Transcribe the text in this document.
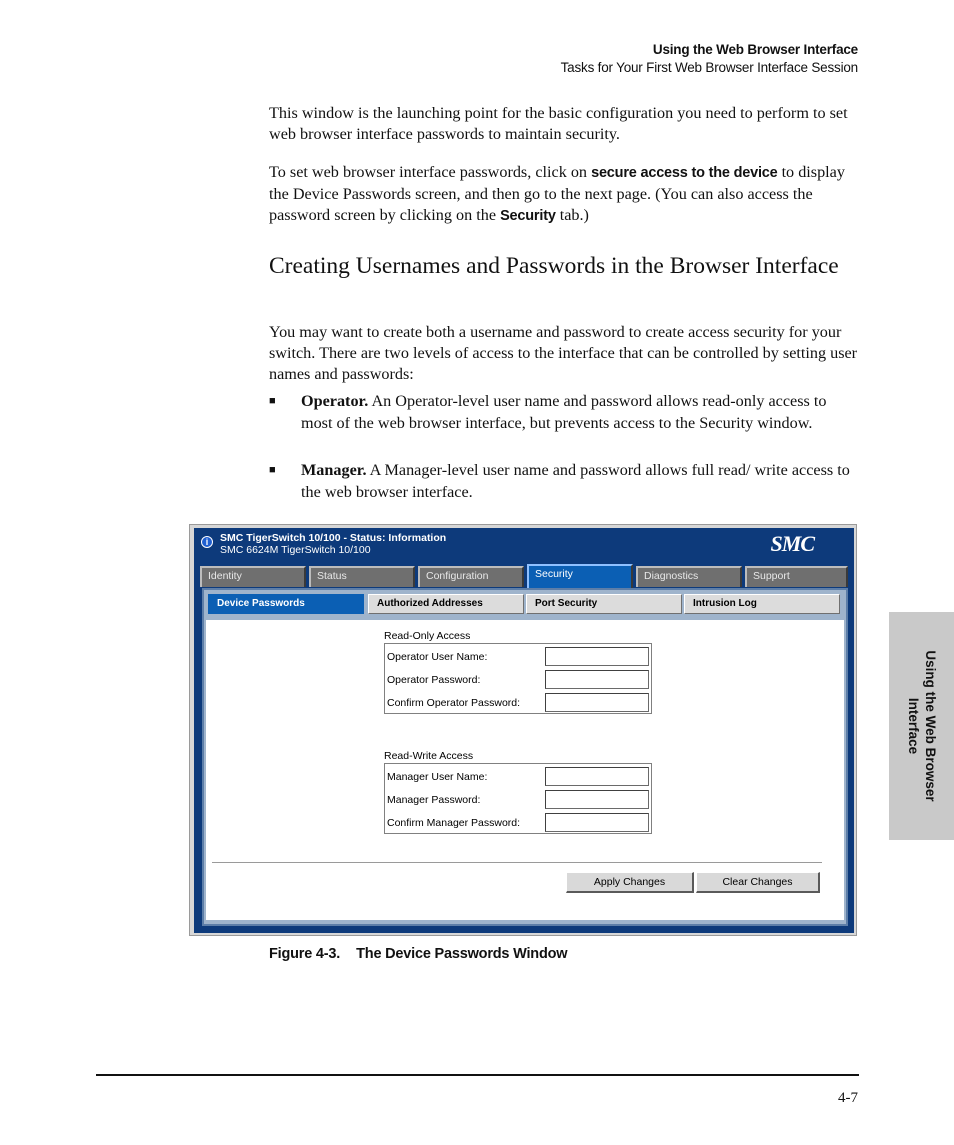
Using the Web Browser Interface
Tasks for Your First Web Browser Interface Session

This window is the launching point for the basic configuration you need to perform to set web browser interface passwords to maintain security.

To set web browser interface passwords, click on secure access to the device to display the Device Passwords screen, and then go to the next page. (You can also access the password screen by clicking on the Security tab.)

Creating Usernames and Passwords in the Browser Interface

You may want to create both a username and password to create access security for your switch. There are two levels of access to the interface that can be controlled by setting user names and passwords:

■ Operator. An Operator-level user name and password allows read-only access to most of the web browser interface, but prevents access to the Security window.
■ Manager. A Manager-level user name and password allows full read/ write access to the web browser interface.
Using the Web Browser
Interface
i	SMC TigerSwitch 10/100 - Status: Information
SMC 6624M TigerSwitch 10/100	SMC
Identity	Status	Configuration	Security	Diagnostics	Support
Device Passwords	Authorized Addresses	Port Security	Intrusion Log
Read-Only Access
Operator User Name:
Operator Password:
Confirm Operator Password:
Read-Write Access
Manager User Name:
Manager Password:
Confirm Manager Password:
Apply Changes	Clear Changes
Figure 4-3. The Device Passwords Window
4-7
